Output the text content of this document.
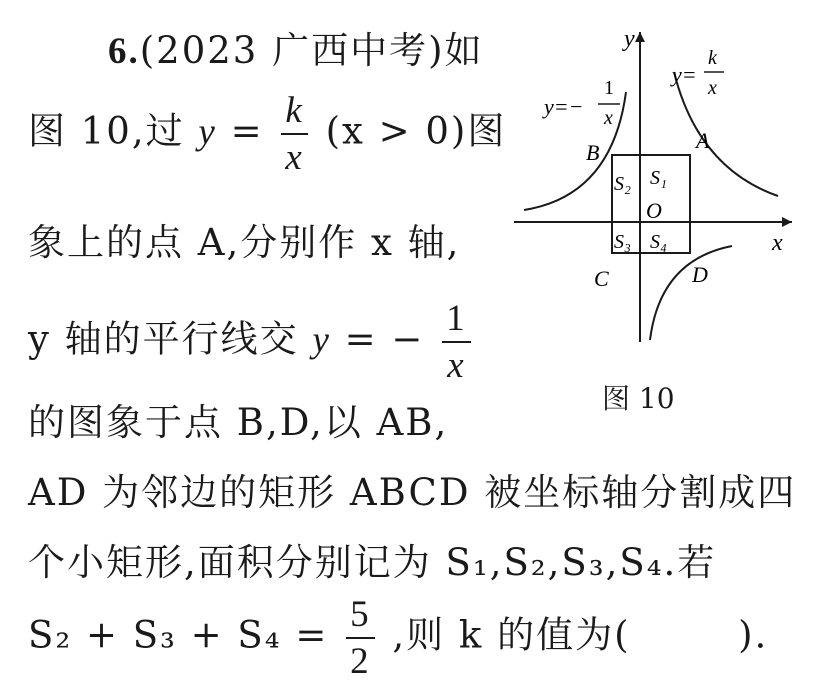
6.(2023 广西中考)如
图 10,过 $y = \frac{k}{x} (x > 0)$图
象上的点 A,分别作 x 轴,
y 轴的平行线交 y = − $\frac{1}{x}$
的图象于点 B,D,以 AB,
AD 为邻边的矩形 ABCD 被坐标轴分割成四
个小矩形,面积分别记为 S₁,S₂,S₃,S₄.若
$S_2 + S_3 + S_4 = \frac{5}{2}$ ,则 k 的值为(	).
y
x
O
y=
k
x
y=−
1
x
A
B
C	D
S₁
S₂
S₃ S₄
图 10
